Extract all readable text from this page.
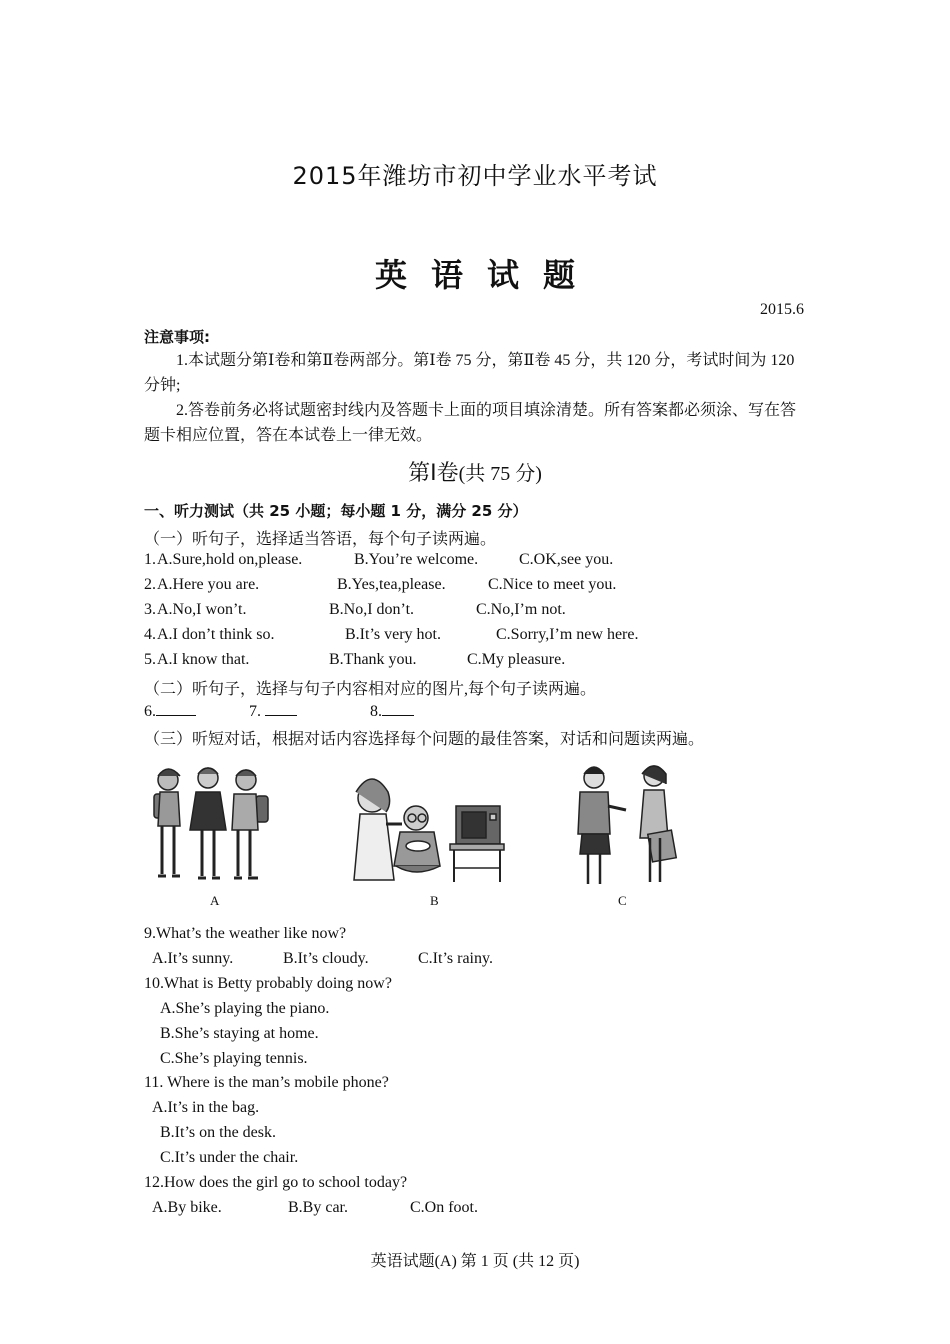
2015年潍坊市初中学业水平考试
英语试题
2015.6
注意事项:
1.本试题分第Ⅰ卷和第Ⅱ卷两部分。第Ⅰ卷 75 分，第Ⅱ卷 45 分，共 120 分，考试时间为 120 分钟;
2.答卷前务必将试题密封线内及答题卡上面的项目填涂清楚。所有答案都必须涂、写在答题卡相应位置，答在本试卷上一律无效。
第Ⅰ卷(共 75 分)
一、听力测试（共 25 小题；每小题 1 分，满分 25 分）
（一）听句子，选择适当答语，每个句子读两遍。
1. A.Sure,hold on,please.	B.You’re welcome.	C.OK,see you.
2. A.Here you are.	B.Yes,tea,please.	C.Nice to meet you.
3. A.No,I won’t.	B.No,I don’t.	C.No,I’m not.
4. A.I don’t think so.	B.It’s very hot.	C.Sorry,I’m new here.
5. A.I know that.	B.Thank you.	C.My pleasure.
（二）听句子，选择与句子内容相对应的图片,每个句子读两遍。
6.	7.	8.
（三）听短对话，根据对话内容选择每个问题的最佳答案，对话和问题读两遍。
A	B	C
9.What’s the weather like now?
A.It’s sunny.	B.It’s cloudy.	C.It’s rainy.
10.What is Betty probably doing now?
A.She’s playing the piano.
B.She’s staying at home.
C.She’s playing tennis.
11. Where is the man’s mobile phone?
A.It’s in the bag.
B.It’s on the desk.
C.It’s under the chair.
12.How does the girl go to school today?
A.By bike.	B.By car.	C.On foot.
英语试题(A) 第 1 页 (共 12 页)
